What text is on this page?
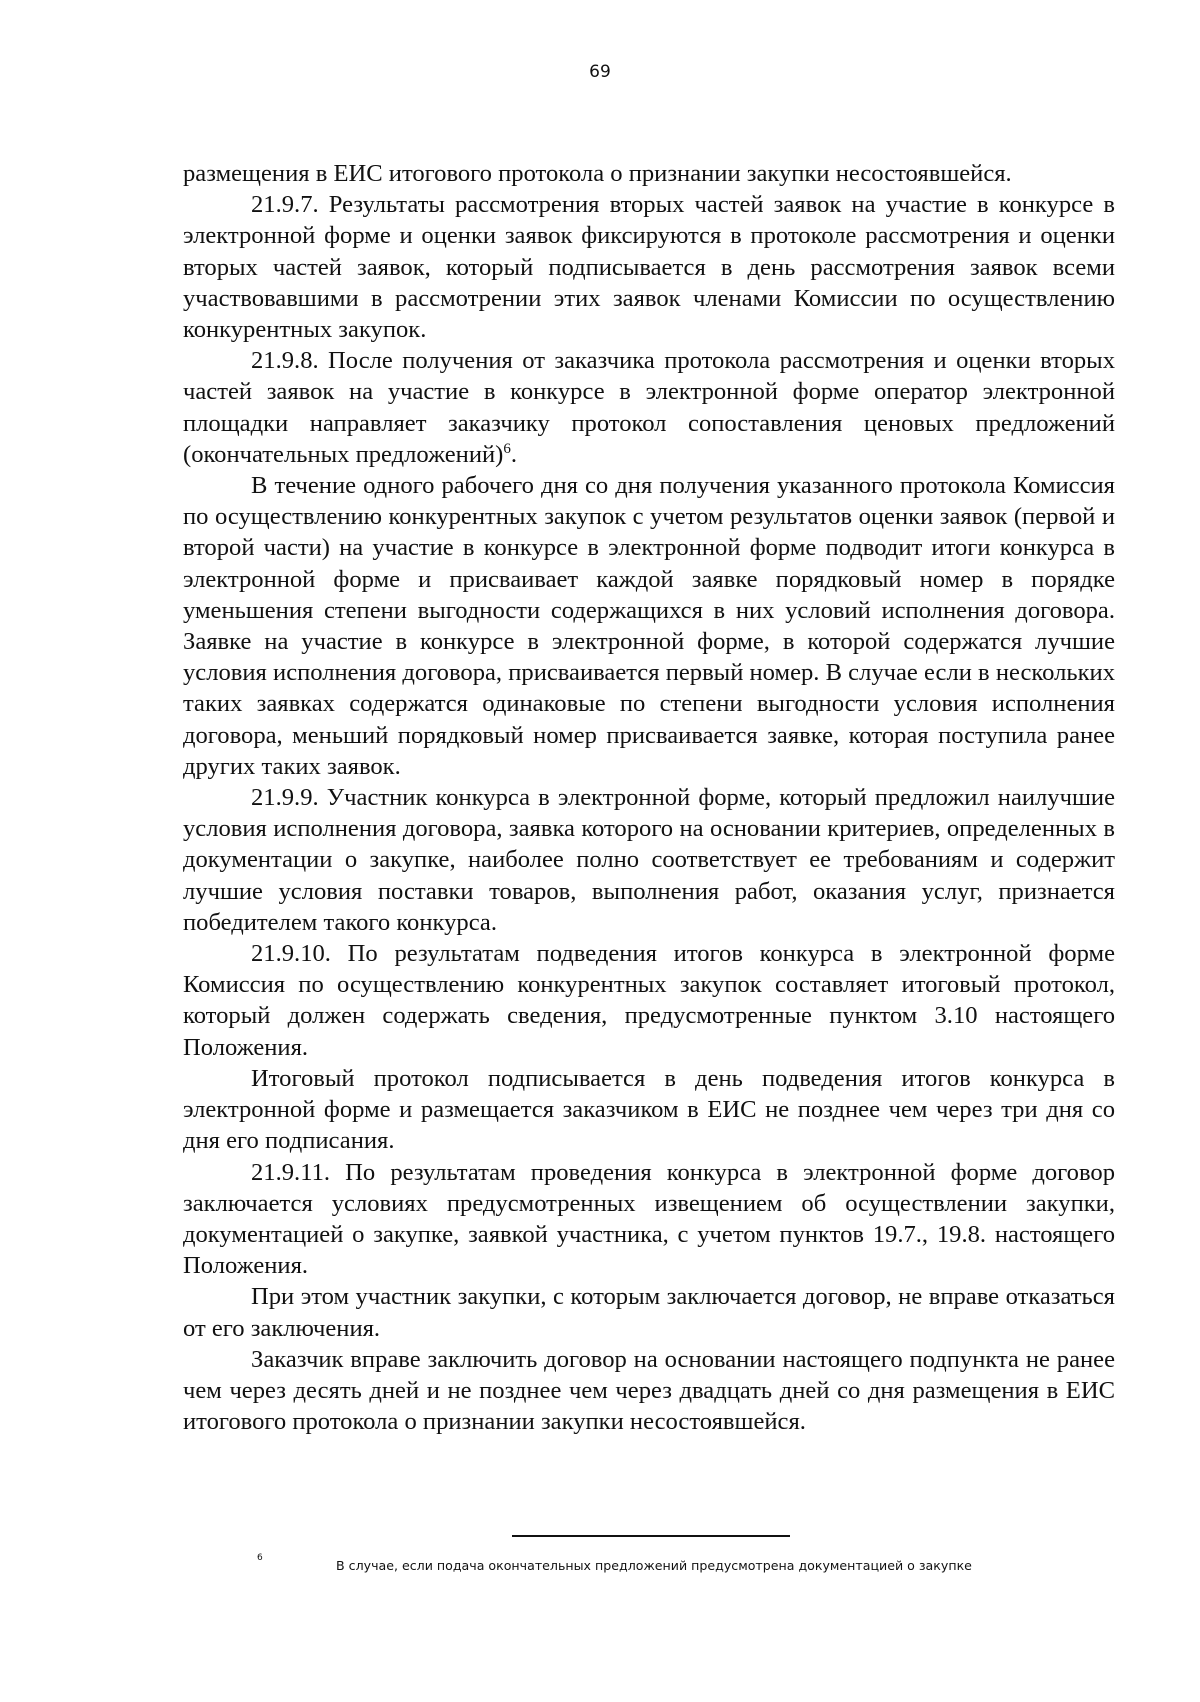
69

размещения в ЕИС итогового протокола о признании закупки несостоявшейся.

21.9.7. Результаты рассмотрения вторых частей заявок на участие в конкурсе в электронной форме и оценки заявок фиксируются в протоколе рассмотрения и оценки вторых частей заявок, который подписывается в день рассмотрения заявок всеми участвовавшими в рассмотрении этих заявок членами Комиссии по осуществлению конкурентных закупок.

21.9.8. После получения от заказчика протокола рассмотрения и оценки вторых частей заявок на участие в конкурсе в электронной форме оператор электронной площадки направляет заказчику протокол сопоставления ценовых предложений (окончательных предложений)$^6$.

В течение одного рабочего дня со дня получения указанного протокола Комиссия по осуществлению конкурентных закупок с учетом результатов оценки заявок (первой и второй части) на участие в конкурсе в электронной форме подводит итоги конкурса в электронной форме и присваивает каждой заявке порядковый номер в порядке уменьшения степени выгодности содержащихся в них условий исполнения договора. Заявке на участие в конкурсе в электронной форме, в которой содержатся лучшие условия исполнения договора, присваивается первый номер. В случае если в нескольких таких заявках содержатся одинаковые по степени выгодности условия исполнения договора, меньший порядковый номер присваивается заявке, которая поступила ранее других таких заявок.

21.9.9. Участник конкурса в электронной форме, который предложил наилучшие условия исполнения договора, заявка которого на основании критериев, определенных в документации о закупке, наиболее полно соответствует ее требованиям и содержит лучшие условия поставки товаров, выполнения работ, оказания услуг, признается победителем такого конкурса.

21.9.10. По результатам подведения итогов конкурса в электронной форме Комиссия по осуществлению конкурентных закупок составляет итоговый протокол, который должен содержать сведения, предусмотренные пунктом 3.10 настоящего Положения.

Итоговый протокол подписывается в день подведения итогов конкурса в электронной форме и размещается заказчиком в ЕИС не позднее чем через три дня со дня его подписания.

21.9.11. По результатам проведения конкурса в электронной форме договор заключается условиях предусмотренных извещением об осуществлении закупки, документацией о закупке, заявкой участника, с учетом пунктов 19.7., 19.8. настоящего Положения.

При этом участник закупки, с которым заключается договор, не вправе отказаться от его заключения.

Заказчик вправе заключить договор на основании настоящего подпункта не ранее чем через десять дней и не позднее чем через двадцать дней со дня размещения в ЕИС итогового протокола о признании закупки несостоявшейся.

6	В случае, если подача окончательных предложений предусмотрена документацией о закупке
